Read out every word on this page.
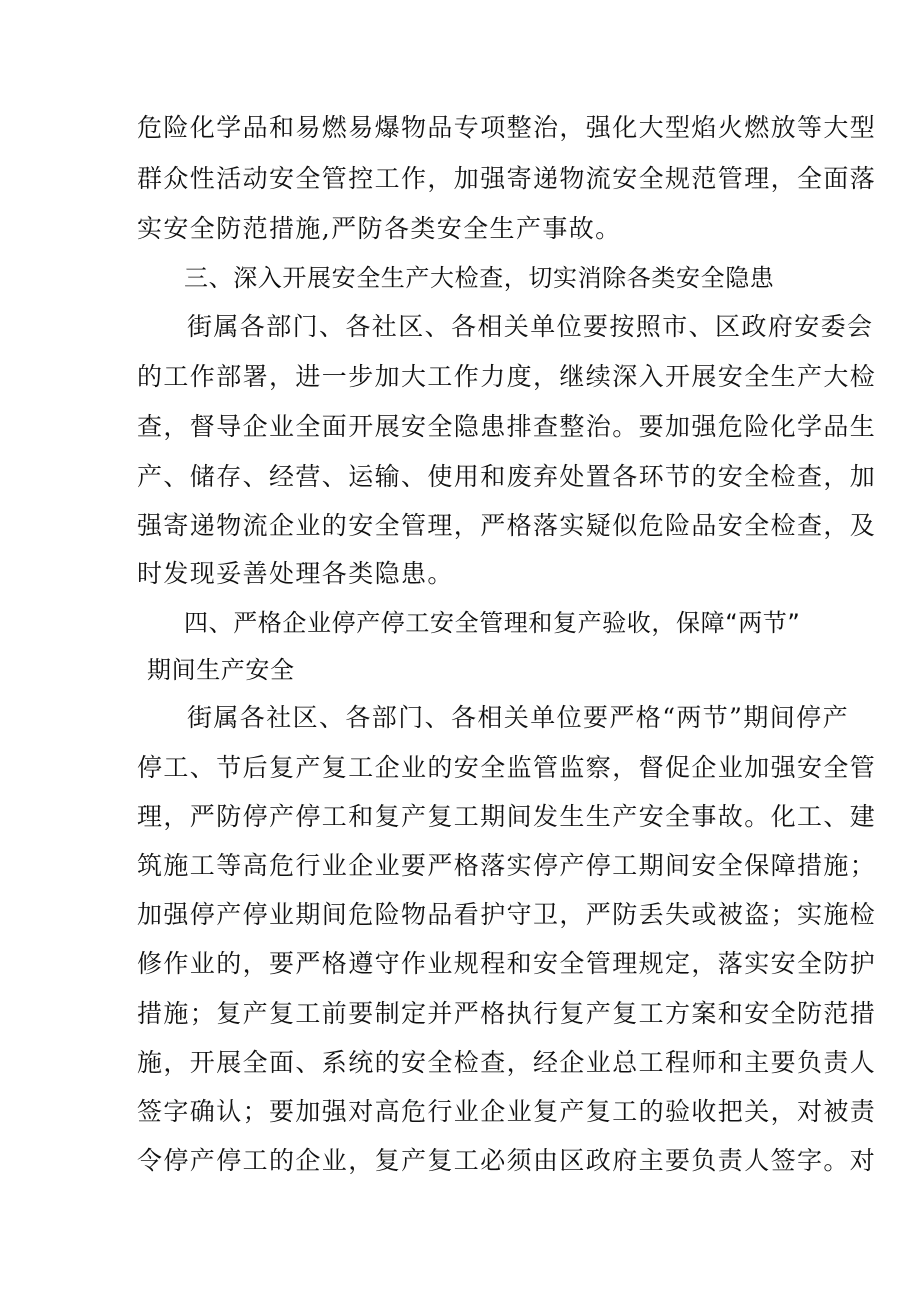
危险化学品和易燃易爆物品专项整治，强化大型焰火燃放等大型
群众性活动安全管控工作，加强寄递物流安全规范管理，全面落
实安全防范措施,严防各类安全生产事故。
三、深入开展安全生产大检查，切实消除各类安全隐患
街属各部门、各社区、各相关单位要按照市、区政府安委会
的工作部署，进一步加大工作力度，继续深入开展安全生产大检
查，督导企业全面开展安全隐患排查整治。要加强危险化学品生
产、储存、经营、运输、使用和废弃处置各环节的安全检查，加
强寄递物流企业的安全管理，严格落实疑似危险品安全检查，及
时发现妥善处理各类隐患。
四、严格企业停产停工安全管理和复产验收，保障“两节”
期间生产安全
街属各社区、各部门、各相关单位要严格“两节”期间停产
停工、节后复产复工企业的安全监管监察，督促企业加强安全管
理，严防停产停工和复产复工期间发生生产安全事故。化工、建
筑施工等高危行业企业要严格落实停产停工期间安全保障措施；
加强停产停业期间危险物品看护守卫，严防丢失或被盗；实施检
修作业的，要严格遵守作业规程和安全管理规定，落实安全防护
措施；复产复工前要制定并严格执行复产复工方案和安全防范措
施，开展全面、系统的安全检查，经企业总工程师和主要负责人
签字确认；要加强对高危行业企业复产复工的验收把关，对被责
令停产停工的企业，复产复工必须由区政府主要负责人签字。对
